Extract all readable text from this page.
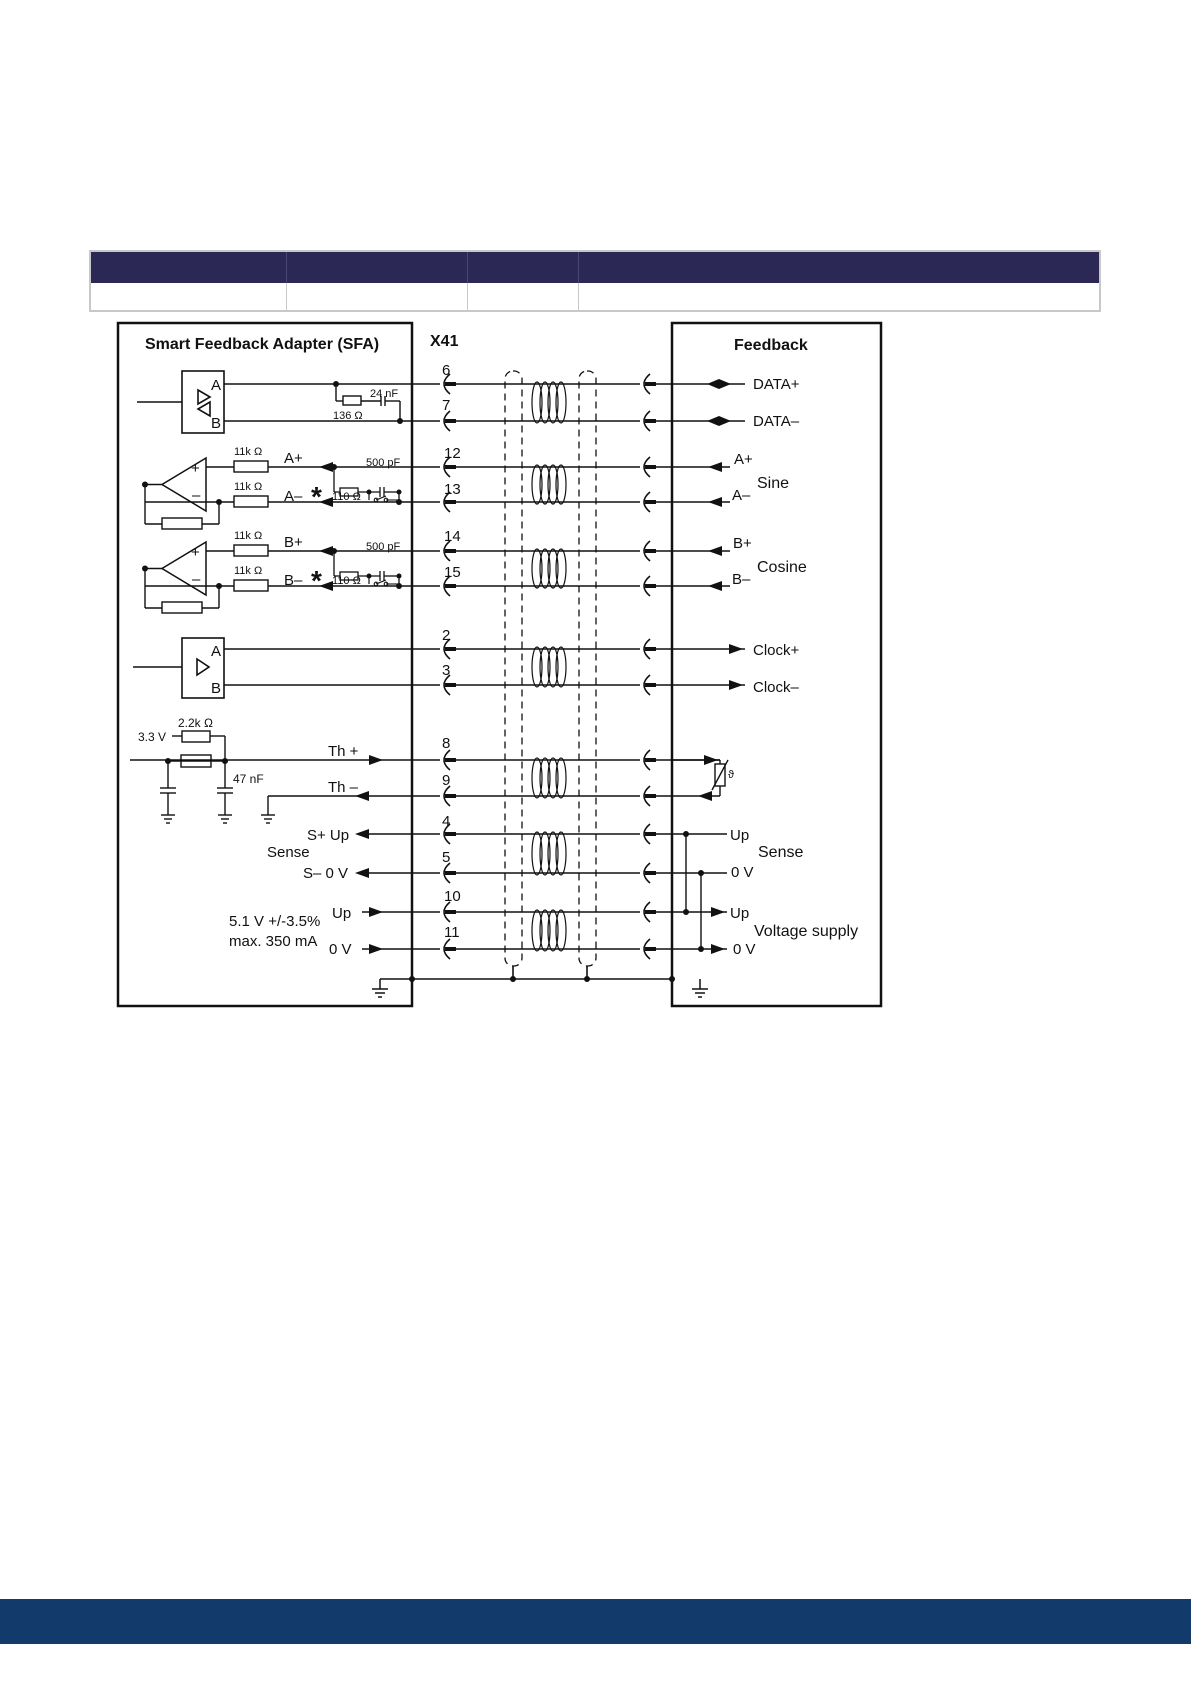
Smart Feedback Adapter (SFA)	X41	Feedback
6
7
12
13
14
15
2
3
8
9
4
5
10
11
A
B
24 nF
136 Ω
+
–
11k Ω
11k Ω
A+
A–
500 pF
110 Ω
*
+
–
11k Ω
11k Ω
B+
B–
500 pF
110 Ω
*
A
B
3.3 V
2.2k Ω
47 nF
Th +
Th –
S+ Up
Sense
S– 0 V
5.1 V +/-3.5%
max. 350 mA
Up
0 V
DATA+
DATA–
A+
A–
Sine
B+
B–
Cosine
Clock+
Clock–
Up
Sense
0 V
Up
Voltage supply
0 V
ϑ
